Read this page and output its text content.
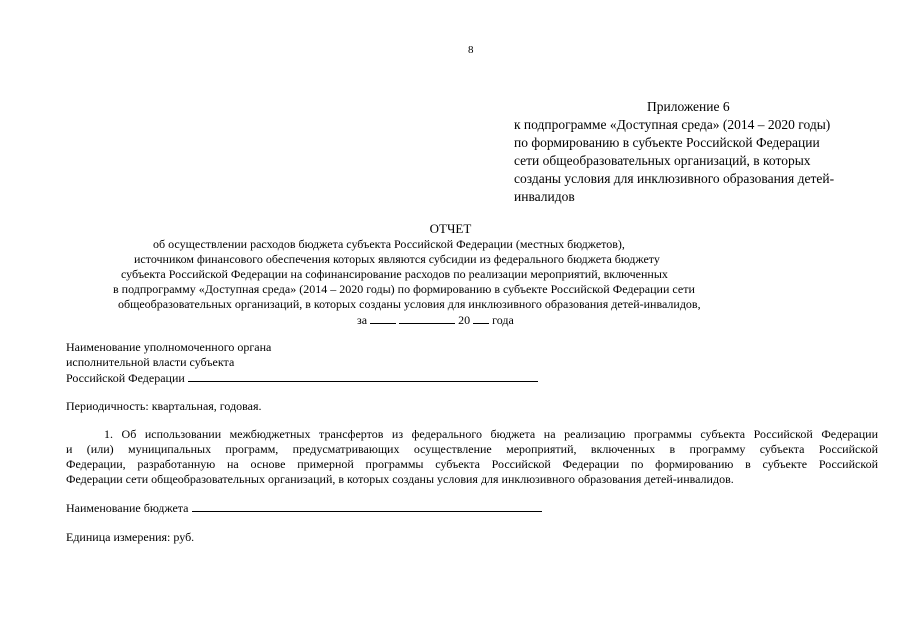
8
Приложение 6
к подпрограмме «Доступная среда» (2014 – 2020 годы)
по формированию в субъекте Российской Федерации
сети общеобразовательных организаций, в которых
созданы условия для инклюзивного образования детей-
инвалидов
ОТЧЕТ
об осуществлении расходов бюджета субъекта Российской Федерации (местных бюджетов),
источником финансового обеспечения которых являются субсидии из федерального бюджета бюджету
субъекта Российской Федерации на софинансирование расходов по реализации мероприятий, включенных
в подпрограмму «Доступная среда» (2014 – 2020 годы) по формированию в субъекте Российской Федерации сети
общеобразовательных организаций, в которых созданы условия для инклюзивного образования детей-инвалидов,
за	20 года
Наименование уполномоченного органа
исполнительной власти субъекта
Российской Федерации
Периодичность: квартальная, годовая.
1. Об использовании межбюджетных трансфертов из федерального бюджета на реализацию программы субъекта Российской Федерации
и (или) муниципальных программ, предусматривающих осуществление мероприятий, включенных в программу субъекта Российской
Федерации, разработанную на основе примерной программы субъекта Российской Федерации по формированию в субъекте Российской
Федерации сети общеобразовательных организаций, в которых созданы условия для инклюзивного образования детей-инвалидов.
Наименование бюджета
Единица измерения: руб.
